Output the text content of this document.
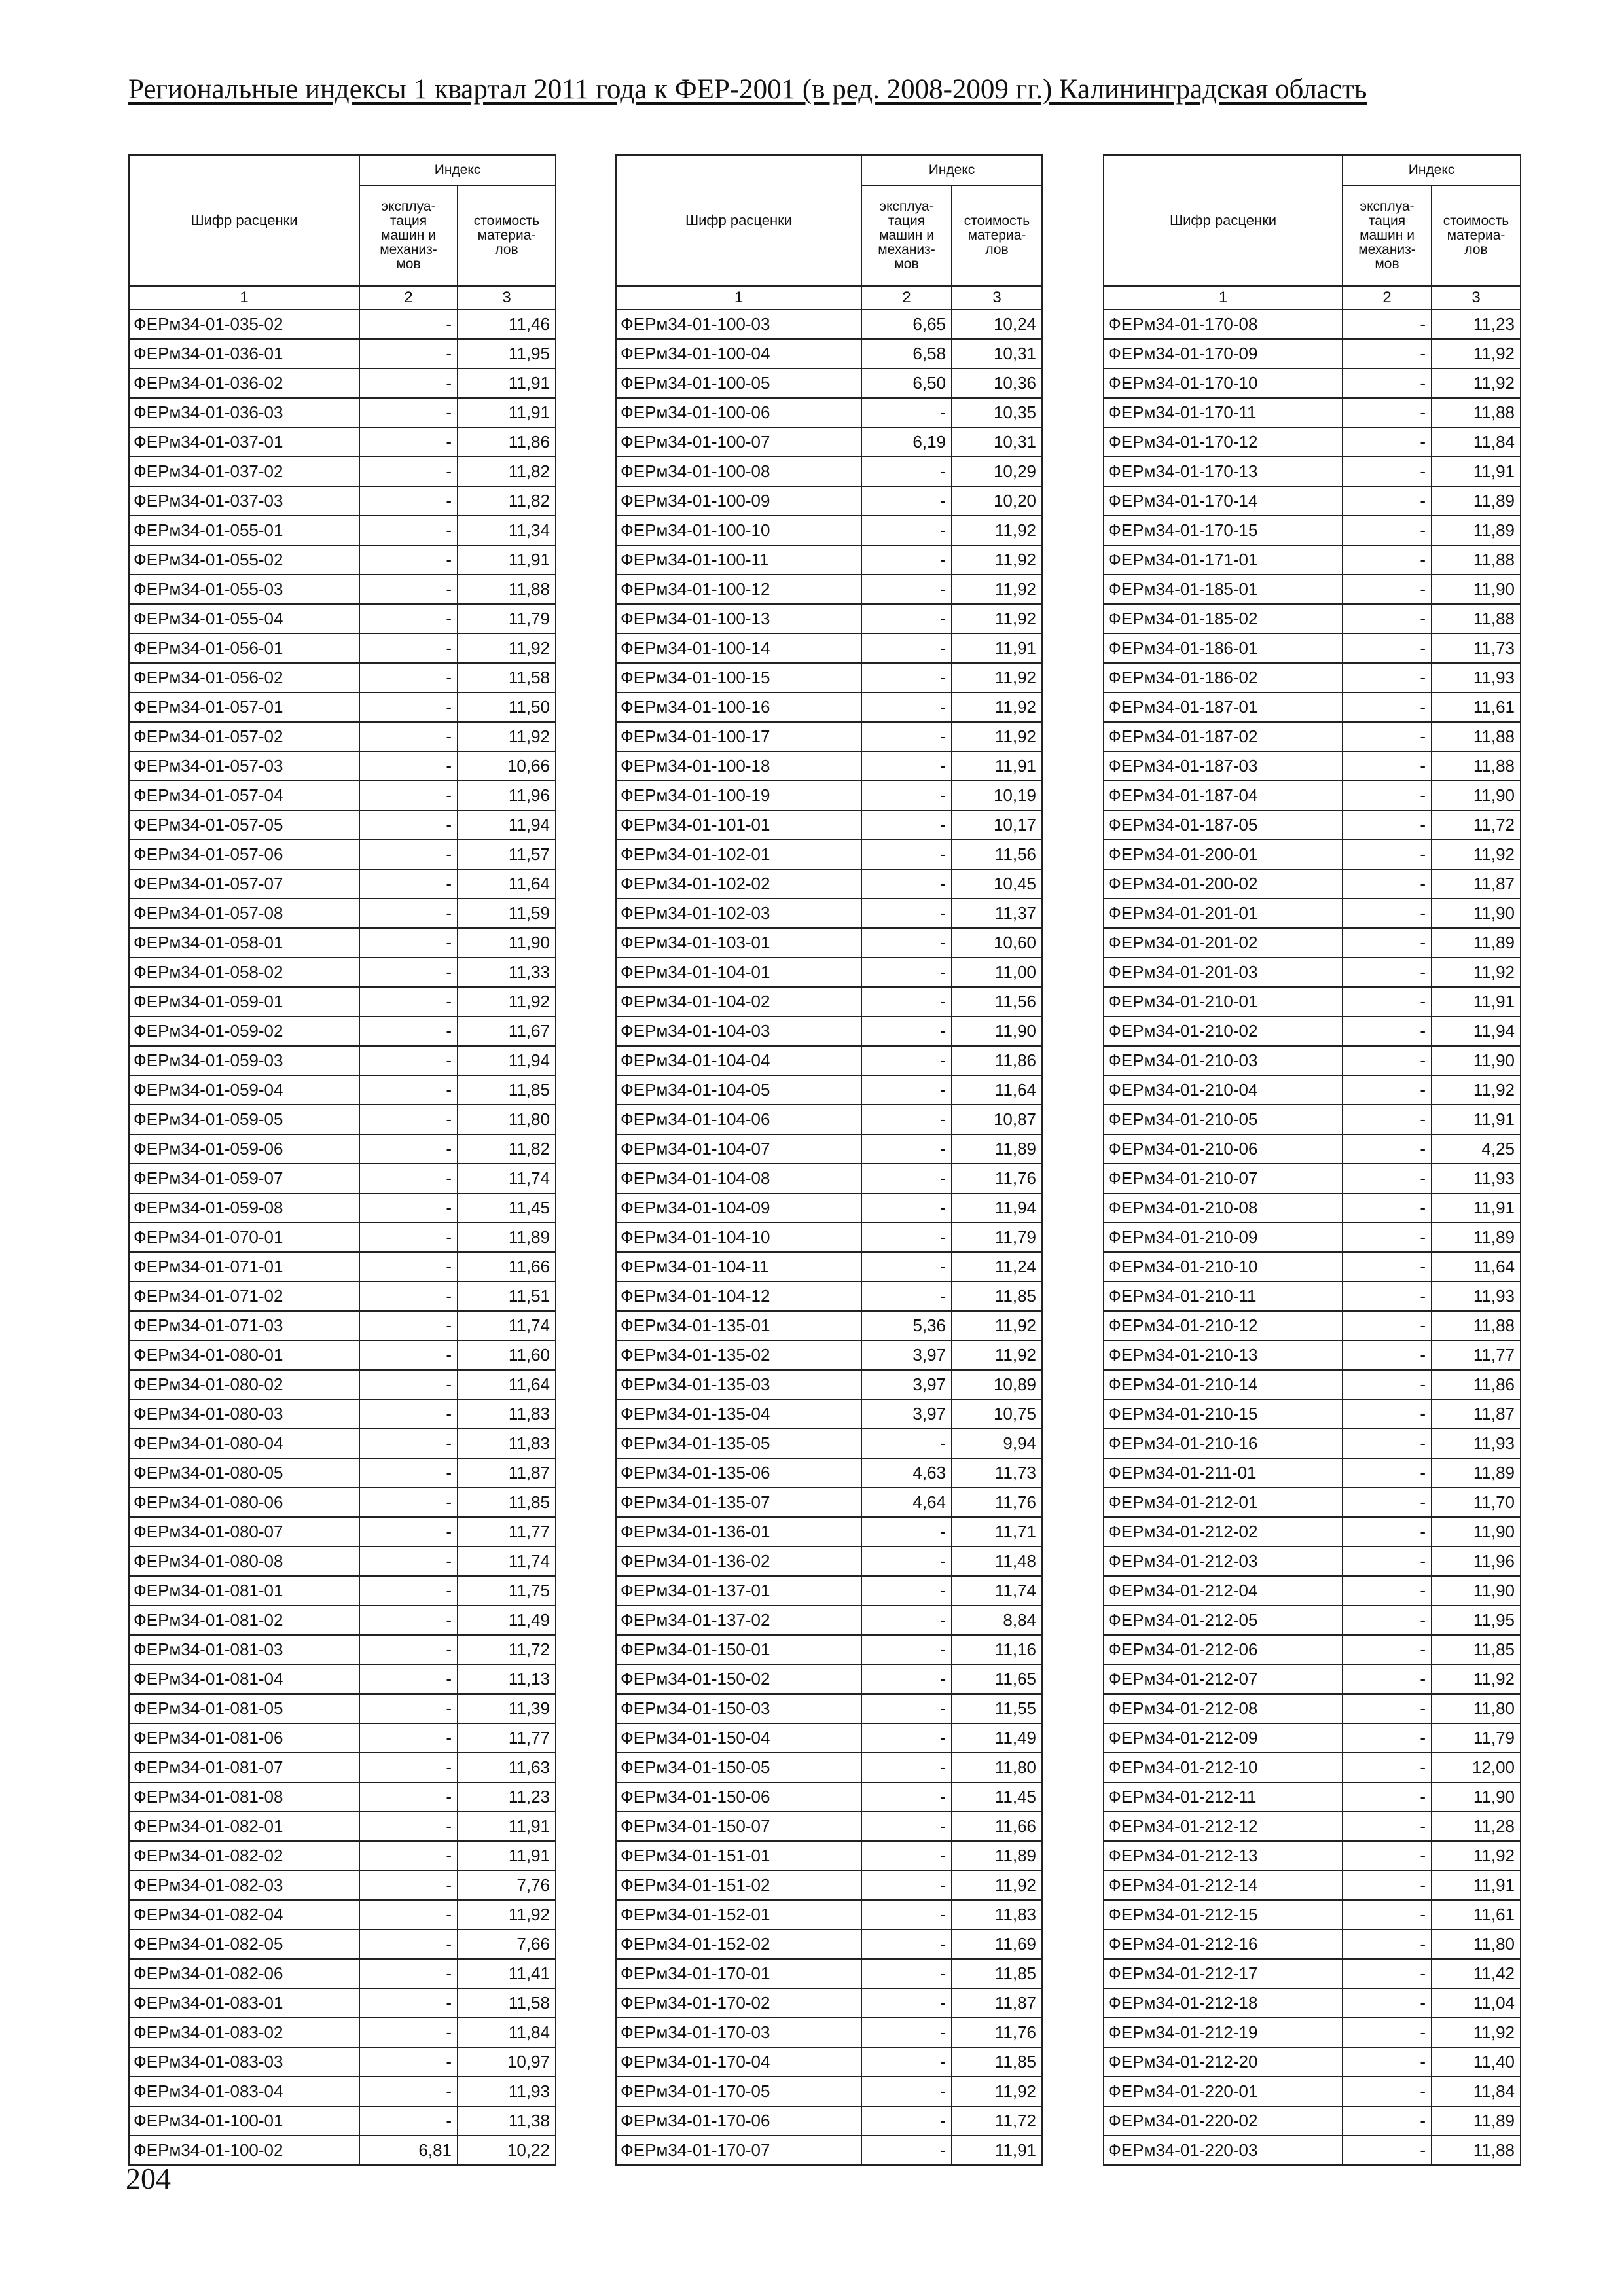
Региональные индексы 1 квартал 2011 года к ФЕР-2001 (в ред. 2008-2009 гг.) Калининградская область
Шифр расценки	Индекс	
	эксплуа-
тация
машин и
механиз-
мов	стоимость
материа-
лов
1	2	3
ФЕРм34-01-035-02	-	11,46
ФЕРм34-01-036-01	-	11,95
ФЕРм34-01-036-02	-	11,91
ФЕРм34-01-036-03	-	11,91
ФЕРм34-01-037-01	-	11,86
ФЕРм34-01-037-02	-	11,82
ФЕРм34-01-037-03	-	11,82
ФЕРм34-01-055-01	-	11,34
ФЕРм34-01-055-02	-	11,91
ФЕРм34-01-055-03	-	11,88
ФЕРм34-01-055-04	-	11,79
ФЕРм34-01-056-01	-	11,92
ФЕРм34-01-056-02	-	11,58
ФЕРм34-01-057-01	-	11,50
ФЕРм34-01-057-02	-	11,92
ФЕРм34-01-057-03	-	10,66
ФЕРм34-01-057-04	-	11,96
ФЕРм34-01-057-05	-	11,94
ФЕРм34-01-057-06	-	11,57
ФЕРм34-01-057-07	-	11,64
ФЕРм34-01-057-08	-	11,59
ФЕРм34-01-058-01	-	11,90
ФЕРм34-01-058-02	-	11,33
ФЕРм34-01-059-01	-	11,92
ФЕРм34-01-059-02	-	11,67
ФЕРм34-01-059-03	-	11,94
ФЕРм34-01-059-04	-	11,85
ФЕРм34-01-059-05	-	11,80
ФЕРм34-01-059-06	-	11,82
ФЕРм34-01-059-07	-	11,74
ФЕРм34-01-059-08	-	11,45
ФЕРм34-01-070-01	-	11,89
ФЕРм34-01-071-01	-	11,66
ФЕРм34-01-071-02	-	11,51
ФЕРм34-01-071-03	-	11,74
ФЕРм34-01-080-01	-	11,60
ФЕРм34-01-080-02	-	11,64
ФЕРм34-01-080-03	-	11,83
ФЕРм34-01-080-04	-	11,83
ФЕРм34-01-080-05	-	11,87
ФЕРм34-01-080-06	-	11,85
ФЕРм34-01-080-07	-	11,77
ФЕРм34-01-080-08	-	11,74
ФЕРм34-01-081-01	-	11,75
ФЕРм34-01-081-02	-	11,49
ФЕРм34-01-081-03	-	11,72
ФЕРм34-01-081-04	-	11,13
ФЕРм34-01-081-05	-	11,39
ФЕРм34-01-081-06	-	11,77
ФЕРм34-01-081-07	-	11,63
ФЕРм34-01-081-08	-	11,23
ФЕРм34-01-082-01	-	11,91
ФЕРм34-01-082-02	-	11,91
ФЕРм34-01-082-03	-	7,76
ФЕРм34-01-082-04	-	11,92
ФЕРм34-01-082-05	-	7,66
ФЕРм34-01-082-06	-	11,41
ФЕРм34-01-083-01	-	11,58
ФЕРм34-01-083-02	-	11,84
ФЕРм34-01-083-03	-	10,97
ФЕРм34-01-083-04	-	11,93
ФЕРм34-01-100-01	-	11,38
ФЕРм34-01-100-02	6,81	10,22
Шифр расценки	Индекс	
	эксплуа-
тация
машин и
механиз-
мов	стоимость
материа-
лов
1	2	3
ФЕРм34-01-100-03	6,65	10,24
ФЕРм34-01-100-04	6,58	10,31
ФЕРм34-01-100-05	6,50	10,36
ФЕРм34-01-100-06	-	10,35
ФЕРм34-01-100-07	6,19	10,31
ФЕРм34-01-100-08	-	10,29
ФЕРм34-01-100-09	-	10,20
ФЕРм34-01-100-10	-	11,92
ФЕРм34-01-100-11	-	11,92
ФЕРм34-01-100-12	-	11,92
ФЕРм34-01-100-13	-	11,92
ФЕРм34-01-100-14	-	11,91
ФЕРм34-01-100-15	-	11,92
ФЕРм34-01-100-16	-	11,92
ФЕРм34-01-100-17	-	11,92
ФЕРм34-01-100-18	-	11,91
ФЕРм34-01-100-19	-	10,19
ФЕРм34-01-101-01	-	10,17
ФЕРм34-01-102-01	-	11,56
ФЕРм34-01-102-02	-	10,45
ФЕРм34-01-102-03	-	11,37
ФЕРм34-01-103-01	-	10,60
ФЕРм34-01-104-01	-	11,00
ФЕРм34-01-104-02	-	11,56
ФЕРм34-01-104-03	-	11,90
ФЕРм34-01-104-04	-	11,86
ФЕРм34-01-104-05	-	11,64
ФЕРм34-01-104-06	-	10,87
ФЕРм34-01-104-07	-	11,89
ФЕРм34-01-104-08	-	11,76
ФЕРм34-01-104-09	-	11,94
ФЕРм34-01-104-10	-	11,79
ФЕРм34-01-104-11	-	11,24
ФЕРм34-01-104-12	-	11,85
ФЕРм34-01-135-01	5,36	11,92
ФЕРм34-01-135-02	3,97	11,92
ФЕРм34-01-135-03	3,97	10,89
ФЕРм34-01-135-04	3,97	10,75
ФЕРм34-01-135-05	-	9,94
ФЕРм34-01-135-06	4,63	11,73
ФЕРм34-01-135-07	4,64	11,76
ФЕРм34-01-136-01	-	11,71
ФЕРм34-01-136-02	-	11,48
ФЕРм34-01-137-01	-	11,74
ФЕРм34-01-137-02	-	8,84
ФЕРм34-01-150-01	-	11,16
ФЕРм34-01-150-02	-	11,65
ФЕРм34-01-150-03	-	11,55
ФЕРм34-01-150-04	-	11,49
ФЕРм34-01-150-05	-	11,80
ФЕРм34-01-150-06	-	11,45
ФЕРм34-01-150-07	-	11,66
ФЕРм34-01-151-01	-	11,89
ФЕРм34-01-151-02	-	11,92
ФЕРм34-01-152-01	-	11,83
ФЕРм34-01-152-02	-	11,69
ФЕРм34-01-170-01	-	11,85
ФЕРм34-01-170-02	-	11,87
ФЕРм34-01-170-03	-	11,76
ФЕРм34-01-170-04	-	11,85
ФЕРм34-01-170-05	-	11,92
ФЕРм34-01-170-06	-	11,72
ФЕРм34-01-170-07	-	11,91
Шифр расценки	Индекс	
	эксплуа-
тация
машин и
механиз-
мов	стоимость
материа-
лов
1	2	3
ФЕРм34-01-170-08	-	11,23
ФЕРм34-01-170-09	-	11,92
ФЕРм34-01-170-10	-	11,92
ФЕРм34-01-170-11	-	11,88
ФЕРм34-01-170-12	-	11,84
ФЕРм34-01-170-13	-	11,91
ФЕРм34-01-170-14	-	11,89
ФЕРм34-01-170-15	-	11,89
ФЕРм34-01-171-01	-	11,88
ФЕРм34-01-185-01	-	11,90
ФЕРм34-01-185-02	-	11,88
ФЕРм34-01-186-01	-	11,73
ФЕРм34-01-186-02	-	11,93
ФЕРм34-01-187-01	-	11,61
ФЕРм34-01-187-02	-	11,88
ФЕРм34-01-187-03	-	11,88
ФЕРм34-01-187-04	-	11,90
ФЕРм34-01-187-05	-	11,72
ФЕРм34-01-200-01	-	11,92
ФЕРм34-01-200-02	-	11,87
ФЕРм34-01-201-01	-	11,90
ФЕРм34-01-201-02	-	11,89
ФЕРм34-01-201-03	-	11,92
ФЕРм34-01-210-01	-	11,91
ФЕРм34-01-210-02	-	11,94
ФЕРм34-01-210-03	-	11,90
ФЕРм34-01-210-04	-	11,92
ФЕРм34-01-210-05	-	11,91
ФЕРм34-01-210-06	-	4,25
ФЕРм34-01-210-07	-	11,93
ФЕРм34-01-210-08	-	11,91
ФЕРм34-01-210-09	-	11,89
ФЕРм34-01-210-10	-	11,64
ФЕРм34-01-210-11	-	11,93
ФЕРм34-01-210-12	-	11,88
ФЕРм34-01-210-13	-	11,77
ФЕРм34-01-210-14	-	11,86
ФЕРм34-01-210-15	-	11,87
ФЕРм34-01-210-16	-	11,93
ФЕРм34-01-211-01	-	11,89
ФЕРм34-01-212-01	-	11,70
ФЕРм34-01-212-02	-	11,90
ФЕРм34-01-212-03	-	11,96
ФЕРм34-01-212-04	-	11,90
ФЕРм34-01-212-05	-	11,95
ФЕРм34-01-212-06	-	11,85
ФЕРм34-01-212-07	-	11,92
ФЕРм34-01-212-08	-	11,80
ФЕРм34-01-212-09	-	11,79
ФЕРм34-01-212-10	-	12,00
ФЕРм34-01-212-11	-	11,90
ФЕРм34-01-212-12	-	11,28
ФЕРм34-01-212-13	-	11,92
ФЕРм34-01-212-14	-	11,91
ФЕРм34-01-212-15	-	11,61
ФЕРм34-01-212-16	-	11,80
ФЕРм34-01-212-17	-	11,42
ФЕРм34-01-212-18	-	11,04
ФЕРм34-01-212-19	-	11,92
ФЕРм34-01-212-20	-	11,40
ФЕРм34-01-220-01	-	11,84
ФЕРм34-01-220-02	-	11,89
ФЕРм34-01-220-03	-	11,88
204
